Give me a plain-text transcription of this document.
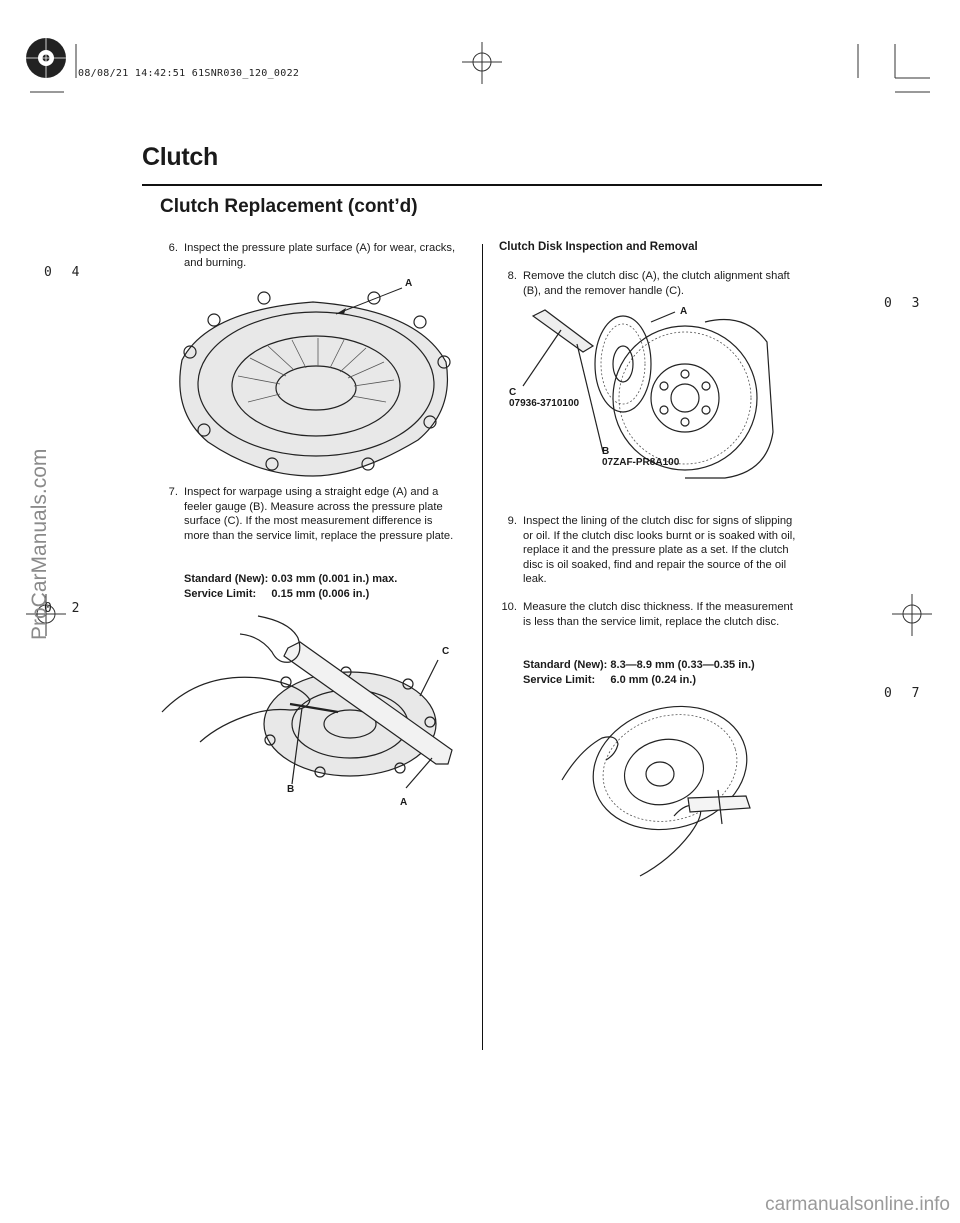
08/08/21 14:42:51 61SNR030_120_0022
0 4
0 3
0 2
0 7
ProCarManuals.com
carmanualsonline.info
Clutch
Clutch Replacement (cont’d)
6. Inspect the pressure plate surface (A) for wear, cracks, and burning.
A
7. Inspect for warpage using a straight edge (A) and a feeler gauge (B). Measure across the pressure plate surface (C). If the most measurement difference is more than the service limit, replace the pressure plate.
Standard (New): 0.03 mm (0.001 in.) max.
Service Limit:     0.15 mm (0.006 in.)
C
B
A
Clutch Disk Inspection and Removal
8. Remove the clutch disc (A), the clutch alignment shaft (B), and the remover handle (C).
A
C
07936-3710100
B
07ZAF-PR8A100
9. Inspect the lining of the clutch disc for signs of slipping or oil. If the clutch disc looks burnt or is soaked with oil, replace it and the pressure plate as a set. If the clutch disc is oil soaked, find and repair the source of the oil leak.
10. Measure the clutch disc thickness. If the measurement is less than the service limit, replace the clutch disc.
Standard (New): 8.3—8.9 mm (0.33—0.35 in.)
Service Limit:     6.0 mm (0.24 in.)
